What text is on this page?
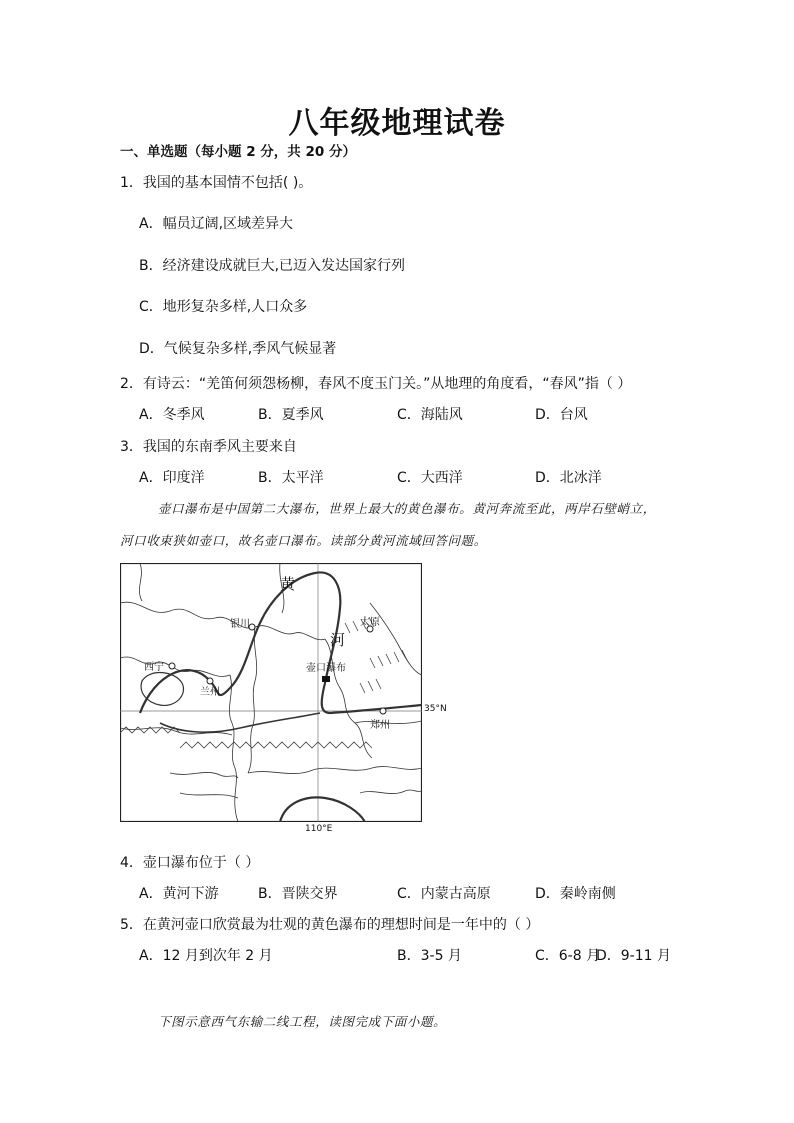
八年级地理试卷
一、单选题（每小题 2 分，共 20 分）
1．我国的基本国情不包括( )。
A．幅员辽阔,区域差异大
B．经济建设成就巨大,已迈入发达国家行列
C．地形复杂多样,人口众多
D．气候复杂多样,季风气候显著
2．有诗云：“羌笛何须怨杨柳，春风不度玉门关。”从地理的角度看，“春风”指（ ）
A．冬季风	B．夏季风	C．海陆风	D．台风
3．我国的东南季风主要来自
A．印度洋	B．太平洋	C．大西洋	D．北冰洋
壶口瀑布是中国第二大瀑布，世界上最大的黄色瀑布。黄河奔流至此，两岸石壁峭立，
河口收束狭如壶口，故名壶口瀑布。读部分黄河流域回答问题。
黄
河
银川
西宁
兰州
太原
壶口瀑布
郑州
35°N
110°E
4．壶口瀑布位于（ ）
A．黄河下游	B．晋陕交界	C．内蒙古高原	D．秦岭南侧
5．在黄河壶口欣赏最为壮观的黄色瀑布的理想时间是一年中的（ ）
A．12 月到次年 2 月	B．3-5 月	C．6-8 月
D．9-11 月
下图示意西气东输二线工程，读图完成下面小题。
